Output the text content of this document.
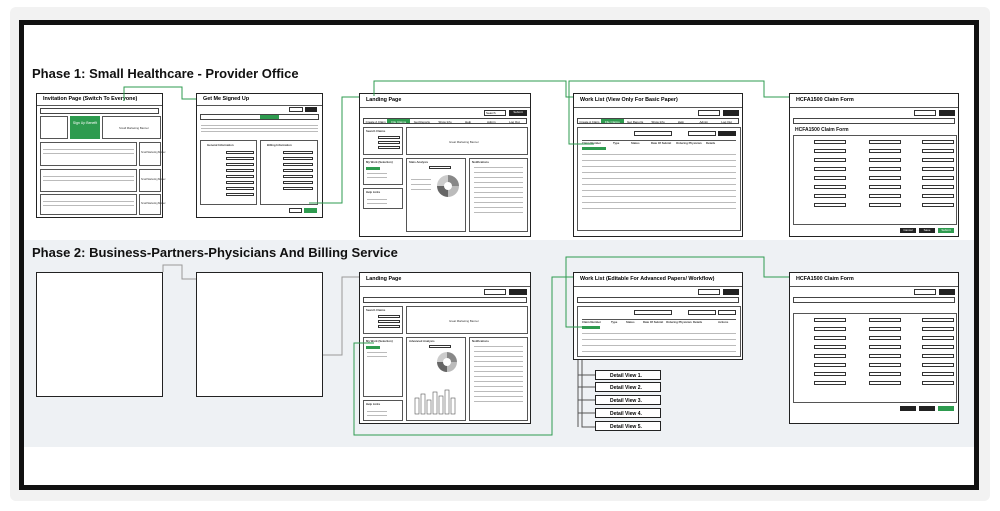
Phase 1: Small Healthcare - Provider Office
Phase 2: Business-Partners-Physicians And Billing Service
Invitation Page (Switch To Everyone)
Sign Up Benefit
Small Marketing Banner
Small Marketing Banner
Small Marketing Banner
Small Marketing Banner
Get Me Signed Up
General Information	Billing Information
Landing Page
Search	Submit
Create A Claim	File Claims	Get Reports	Show Info	Help	Admin	Log Out
Search Claims
Great Marketing Banner
My Work (Selection)	Stats Analysis	Notifications
Help Links
Work List (View Only For Basic Paper)
Create A Claim	File Claims	Get Reports	Show Info	Help	Admin	Log Out
Claim Number	Type	Status	Date Of Submit Ordering Physician Details
HCFA1500 Claim Form
HCFA1500 Claim Form
Cancel	Save	Submit
Landing Page
Search Claims
Great Marketing Banner
My Work (Selection)	Advanced Analysis	Notifications
Help Links
Work List (Editable For Advanced Papers/ Workflow)
Claim Number	Type	Status	Date Of Submit Ordering Physician Details	Actions
Detail View 1.
Detail View 2.
Detail View 3.
Detail View 4.
Detail View 5.
HCFA1500 Claim Form
